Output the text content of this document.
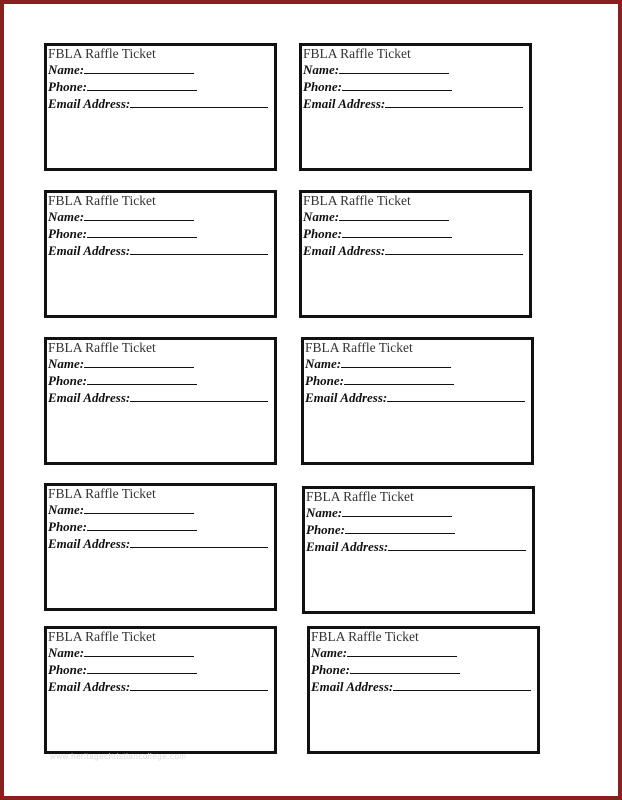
FBLA Raffle Ticket
Name:
Phone:
Email Address:
FBLA Raffle Ticket
Name:
Phone:
Email Address:
FBLA Raffle Ticket
Name:
Phone:
Email Address:
FBLA Raffle Ticket
Name:
Phone:
Email Address:
FBLA Raffle Ticket
Name:
Phone:
Email Address:
FBLA Raffle Ticket
Name:
Phone:
Email Address:
FBLA Raffle Ticket
Name:
Phone:
Email Address:
FBLA Raffle Ticket
Name:
Phone:
Email Address:
FBLA Raffle Ticket
Name:
Phone:
Email Address:
FBLA Raffle Ticket
Name:
Phone:
Email Address:
www.heritagechristiancollege.com
